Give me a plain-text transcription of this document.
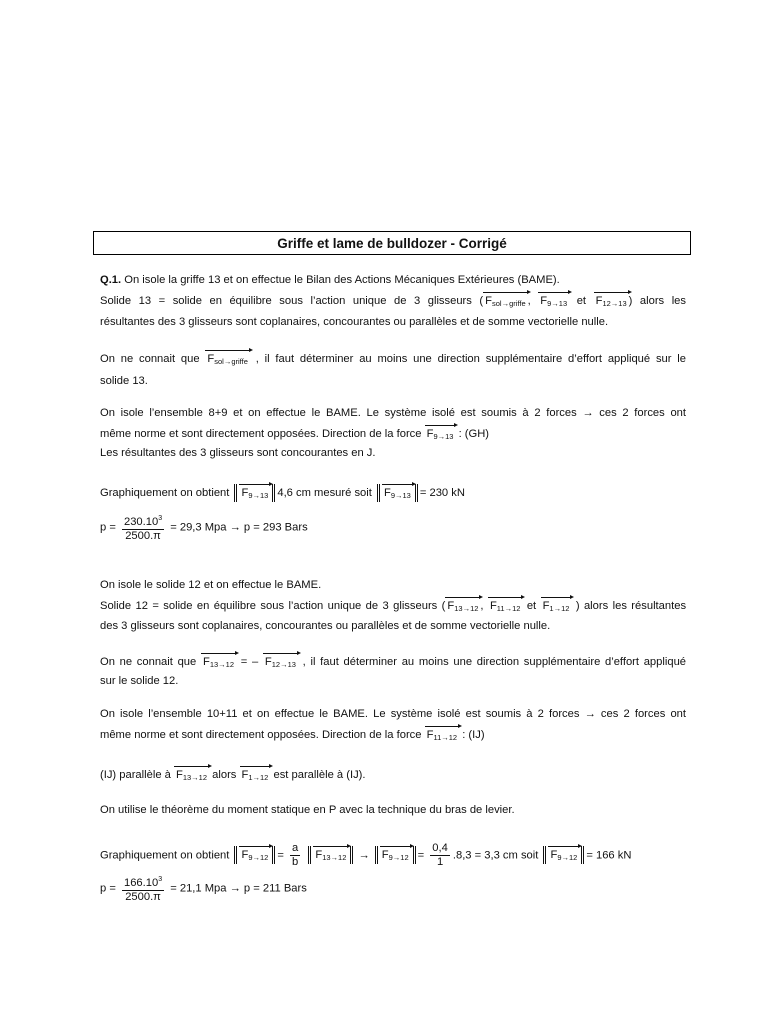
Griffe et lame de bulldozer - Corrigé
Q.1. On isole la griffe 13 et on effectue le Bilan des Actions Mécaniques Extérieures (BAME).
Solide 13 = solide en équilibre sous l’action unique de 3 glisseurs ( $F_{sol\to griffe}$ , $F_{9\to 13}$ et $F_{12\to 13}$ ) alors les
résultantes des 3 glisseurs sont coplanaires, concourantes ou parallèles et de somme vectorielle nulle.
On ne connait que $F_{sol\to griffe}$ , il faut déterminer au moins une direction supplémentaire d’effort appliqué sur le
solide 13.
On isole l’ensemble 8+9 et on effectue le BAME. Le système isolé est soumis à 2 forces → ces 2 forces ont
même norme et sont directement opposées. Direction de la force $F_{9\to 13}$ : (GH)
Les résultantes des 3 glisseurs sont concourantes en J.
Graphiquement on obtient $F_{9\to 13}$ 4,6 cm mesuré soit $F_{9\to 13} = 230$ kN
$p = \frac{230.10^3}{2500.\pi} = 29,3$ Mpa → p = 293 Bars
On isole le solide 12 et on effectue le BAME.
Solide 12 = solide en équilibre sous l’action unique de 3 glisseurs ( $F_{13\to 12}$ , $F_{11\to 12}$ et $F_{1\to 12}$ ) alors les résultantes
des 3 glisseurs sont coplanaires, concourantes ou parallèles et de somme vectorielle nulle.
On ne connait que $F_{13\to 12}$ = – $F_{12\to 13}$ , il faut déterminer au moins une direction supplémentaire d’effort appliqué
sur le solide 12.
On isole l’ensemble 10+11 et on effectue le BAME. Le système isolé est soumis à 2 forces → ces 2 forces ont
même norme et sont directement opposées. Direction de la force $F_{11\to 12}$ : (IJ)
(IJ) parallèle à $F_{13\to 12}$ alors $F_{1\to 12}$ est parallèle à (IJ).
On utilise le théorème du moment statique en P avec la technique du bras de levier.
Graphiquement on obtient $F_{9\to 12} = \frac{a}{b} F_{13\to 12} \to F_{9\to 12} = \frac{0,4}{1} .8,3 = 3,3$ cm soit $F_{9\to 12} = 166$ kN
$p = \frac{166.10^3}{2500.\pi} = 21,1$ Mpa → p = 211 Bars
